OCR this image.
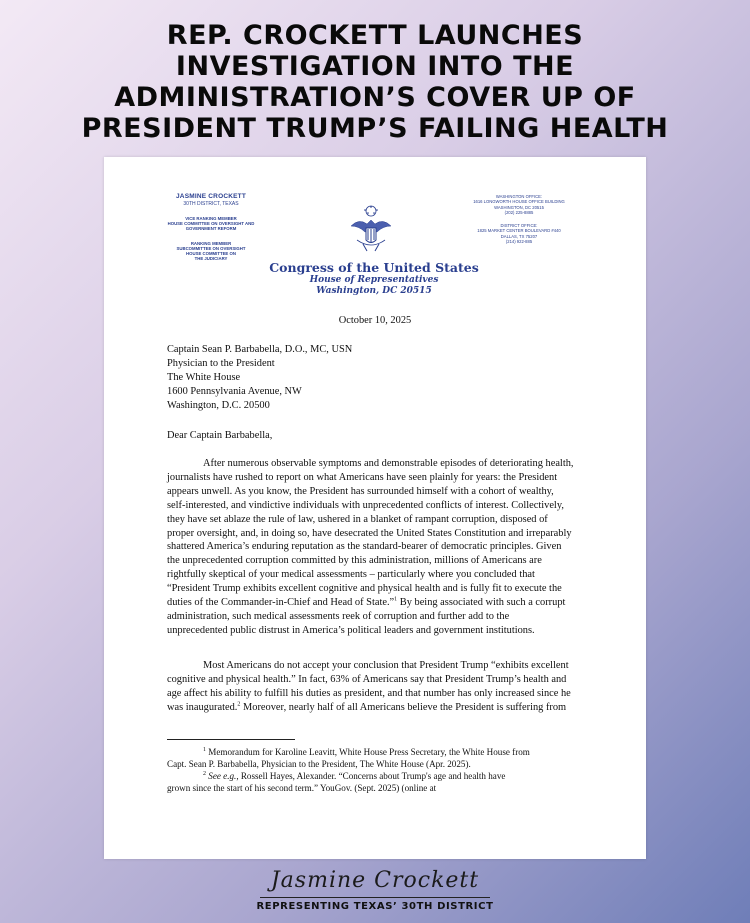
REP. CROCKETT LAUNCHES
INVESTIGATION INTO THE
ADMINISTRATION’S COVER UP OF
PRESIDENT TRUMP’S FAILING HEALTH
JASMINE CROCKETT
30TH DISTRICT, TEXAS
VICE RANKING MEMBER
HOUSE COMMITTEE ON OVERSIGHT AND
GOVERNMENT REFORM
RANKING MEMBER
SUBCOMMITTEE ON OVERSIGHT
HOUSE COMMITTEE ON
THE JUDICIARY
Congress of the United States
House of Representatives
Washington, DC 20515
WASHINGTON OFFICE:
1616 LONGWORTH HOUSE OFFICE BUILDING
WASHINGTON, DC 20515
(202) 225-8885
DISTRICT OFFICE:
1825 MARKET CENTER BOULEVARD #440
DALLAS, TX 75207
(214) 922-885
October 10, 2025
Captain Sean P. Barbabella, D.O., MC, USN
Physician to the President
The White House
1600 Pennsylvania Avenue, NW
Washington, D.C. 20500
Dear Captain Barbabella,
After numerous observable symptoms and demonstrable episodes of deteriorating health,
journalists have rushed to report on what Americans have seen plainly for years: the President
appears unwell. As you know, the President has surrounded himself with a cohort of wealthy,
self-interested, and vindictive individuals with unprecedented conflicts of interest. Collectively,
they have set ablaze the rule of law, ushered in a blanket of rampant corruption, disposed of
proper oversight, and, in doing so, have desecrated the United States Constitution and irreparably
shattered America’s enduring reputation as the standard-bearer of democratic principles. Given
the unprecedented corruption committed by this administration, millions of Americans are
rightfully skeptical of your medical assessments – particularly where you concluded that
“President Trump exhibits excellent cognitive and physical health and is fully fit to execute the
duties of the Commander-in-Chief and Head of State.”$^1$ By being associated with such a corrupt
administration, such medical assessments reek of corruption and further add to the
unprecedented public distrust in America’s political leaders and government institutions.
Most Americans do not accept your conclusion that President Trump “exhibits excellent
cognitive and physical health.” In fact, 63% of Americans say that President Trump’s health and
age affect his ability to fulfill his duties as president, and that number has only increased since he
was inaugurated.$^2$ Moreover, nearly half of all Americans believe the President is suffering from
$^1$ Memorandum for Karoline Leavitt, White House Press Secretary, the White House from
Capt. Sean P. Barbabella, Physician to the President, The White House (Apr. 2025).
$^2$ See e.g., Rossell Hayes, Alexander. “Concerns about Trump's age and health have
grown since the start of his second term.” YouGov. (Sept. 2025) (online at
Jasmine Crockett
REPRESENTING TEXAS’ 30TH DISTRICT
